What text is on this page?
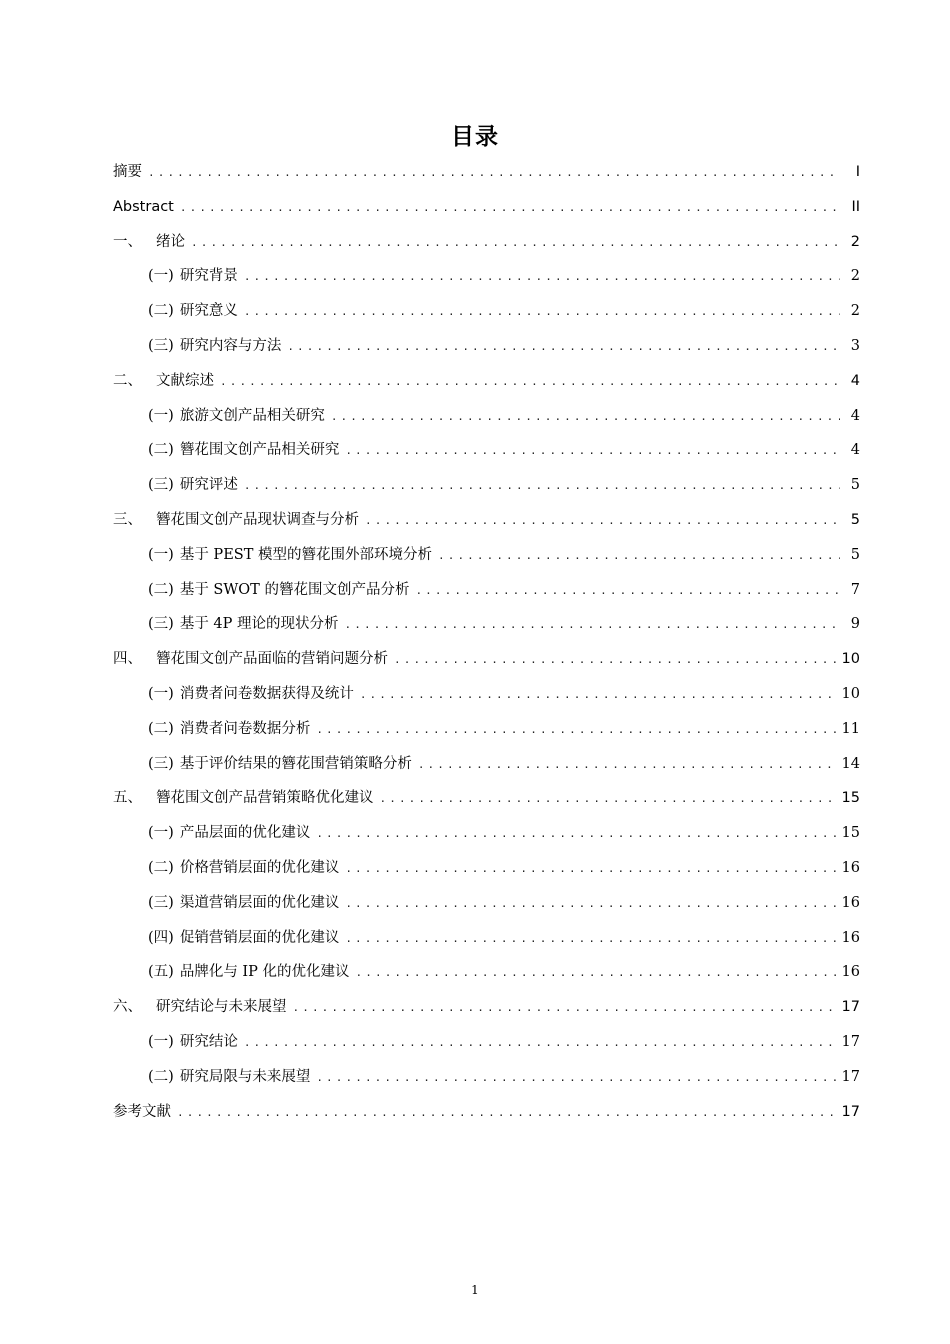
目录
摘要 .....	I
Abstract .....	II
一、 绪论 .....	2
(一) 研究背景 .....	2
(二) 研究意义 .....	2
(三) 研究内容与方法 .....	3
二、 文献综述 .....	4
(一) 旅游文创产品相关研究 .....	4
(二) 簪花围文创产品相关研究 .....	4
(三) 研究评述 .....	5
三、 簪花围文创产品现状调查与分析 .....	5
(一) 基于 PEST 模型的簪花围外部环境分析 .....	5
(二) 基于 SWOT 的簪花围文创产品分析 .....	7
(三) 基于 4P 理论的现状分析 .....	9
四、 簪花围文创产品面临的营销问题分析 .....	10
(一) 消费者问卷数据获得及统计 .....	10
(二) 消费者问卷数据分析 .....	11
(三) 基于评价结果的簪花围营销策略分析 .....	14
五、 簪花围文创产品营销策略优化建议 .....	15
(一) 产品层面的优化建议 .....	15
(二) 价格营销层面的优化建议 .....	16
(三) 渠道营销层面的优化建议 .....	16
(四) 促销营销层面的优化建议 .....	16
(五) 品牌化与 IP 化的优化建议 .....	16
六、 研究结论与未来展望 .....	17
(一) 研究结论 .....	17
(二) 研究局限与未来展望 .....	17
参考文献 .....	17
1
